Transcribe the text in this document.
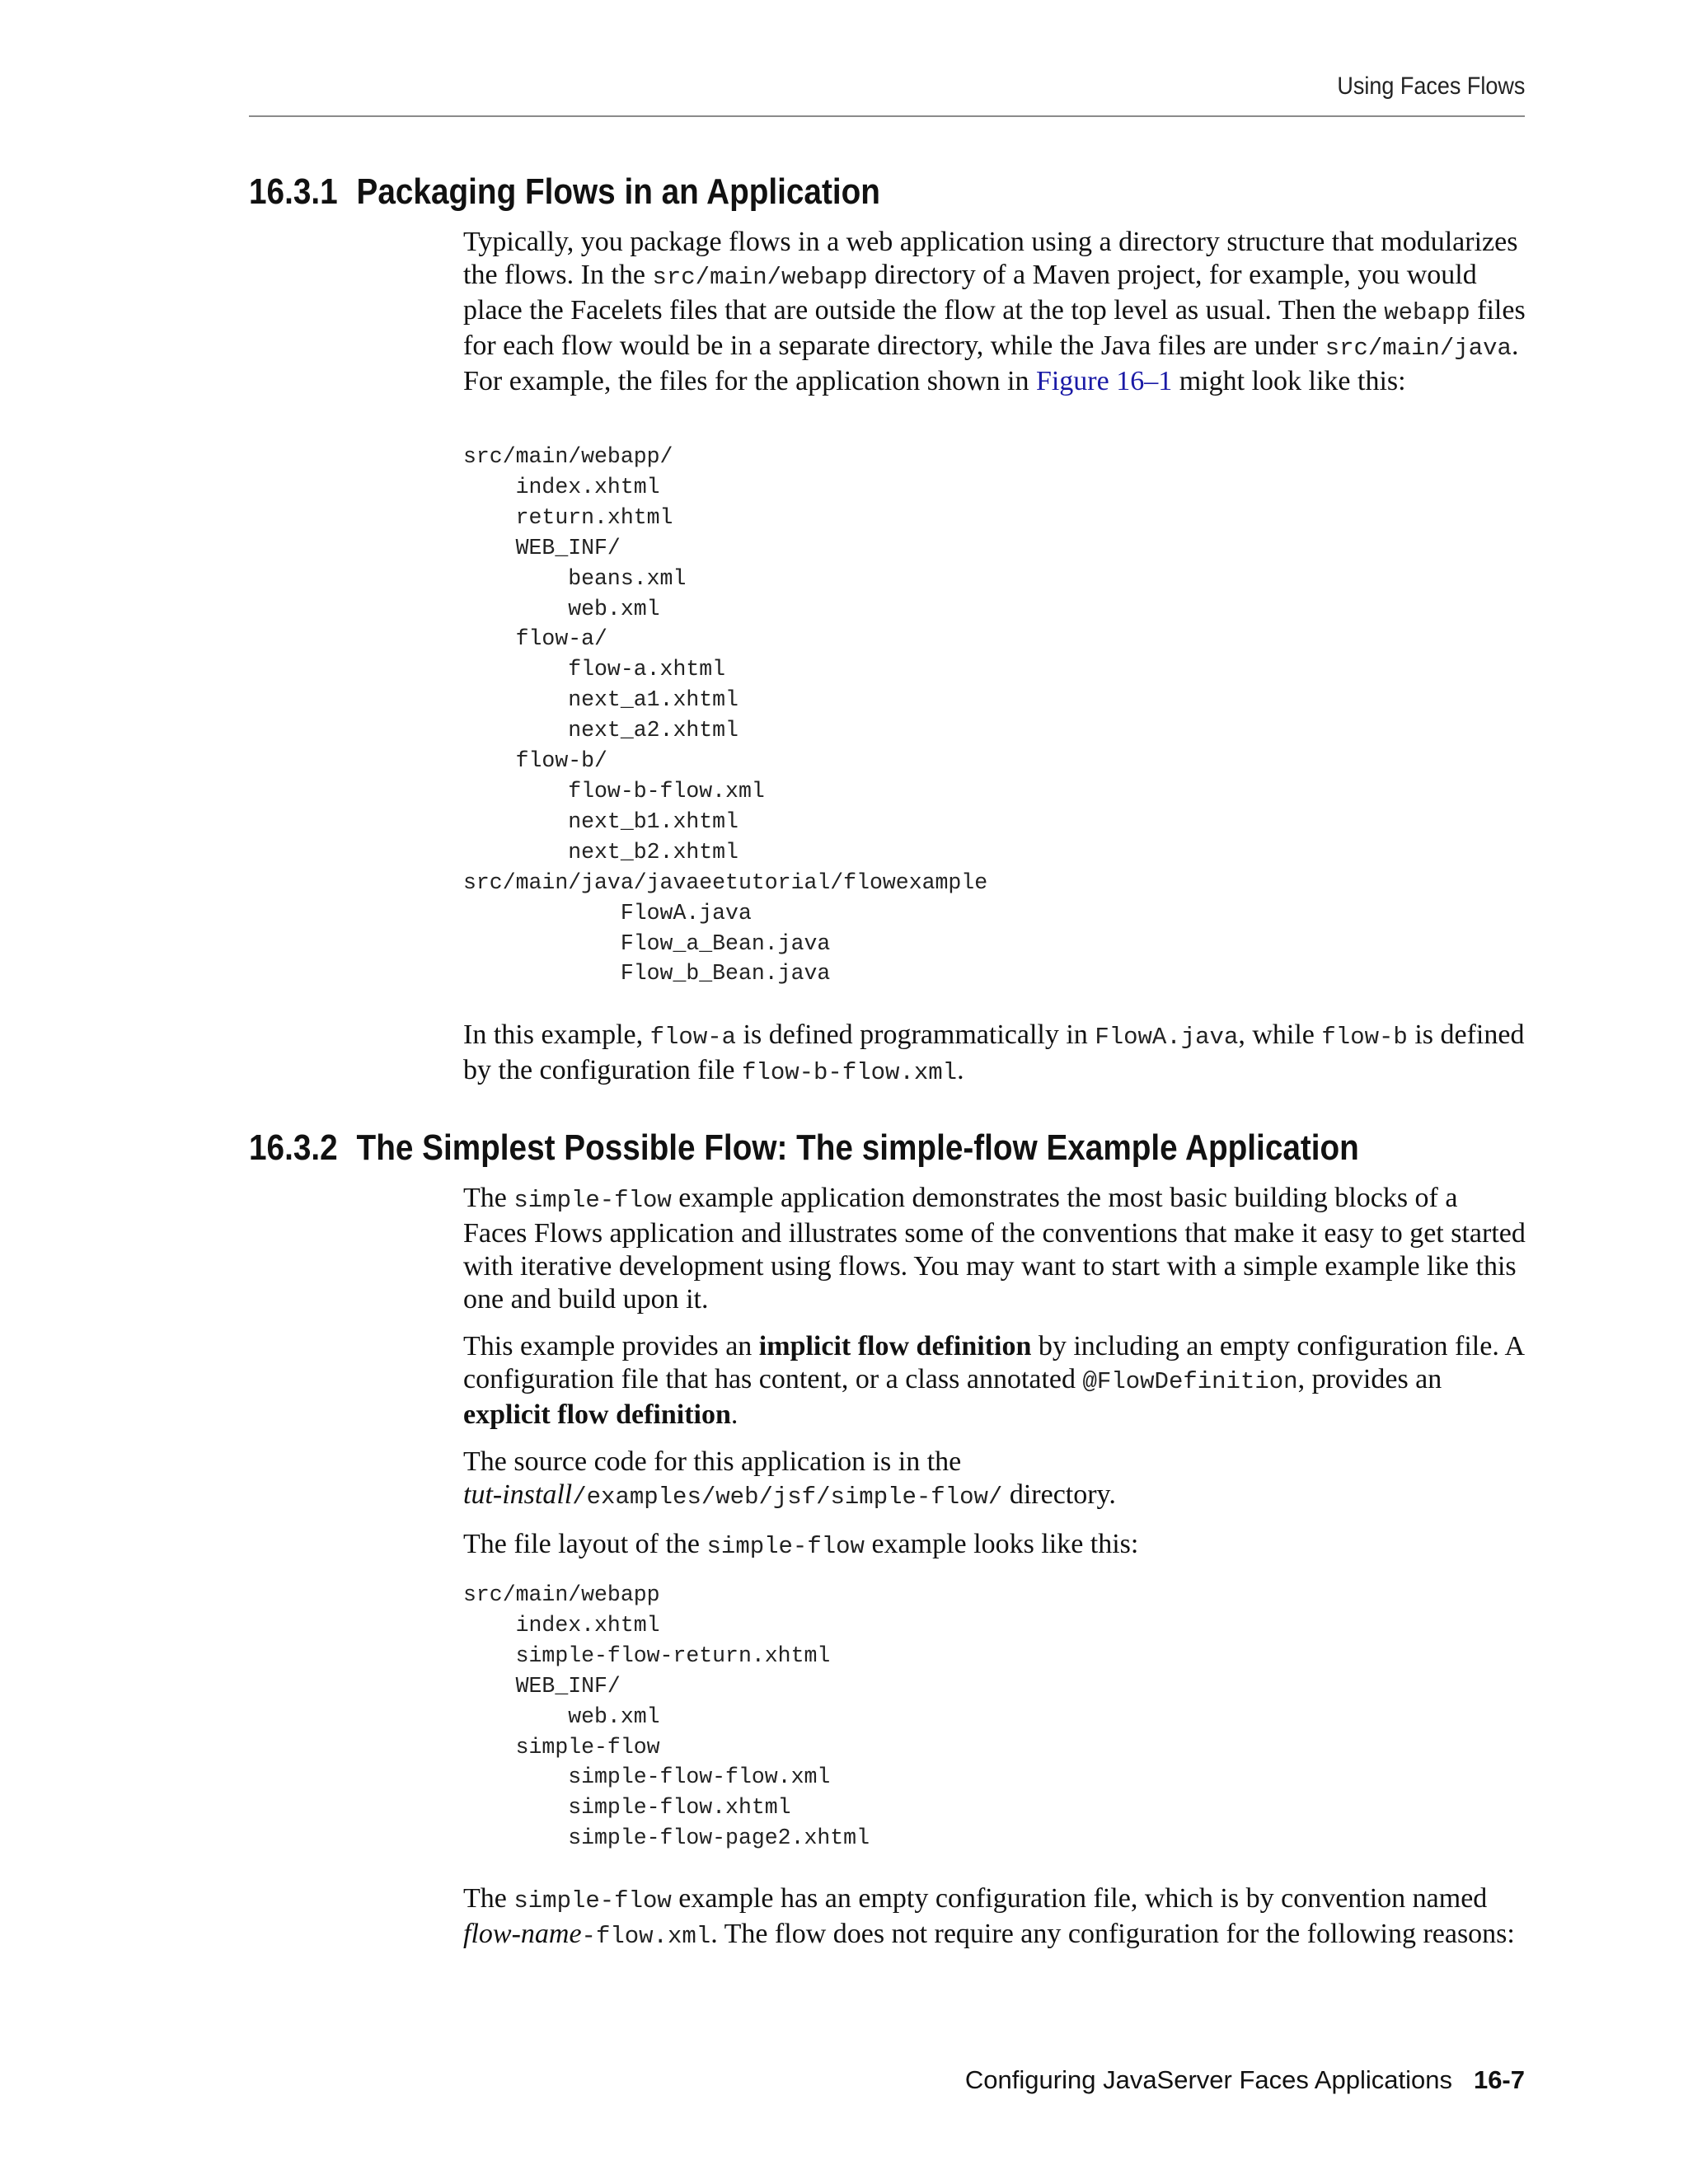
Using Faces Flows
16.3.1 Packaging Flows in an Application

Typically, you package flows in a web application using a directory structure that modularizes the flows. In the src/main/webapp directory of a Maven project, for example, you would place the Facelets files that are outside the flow at the top level as usual. Then the webapp files for each flow would be in a separate directory, while the Java files are under src/main/java. For example, the files for the application shown in Figure 16–1 might look like this:

src/main/webapp/
index.xhtml
return.xhtml
WEB_INF/
beans.xml
web.xml
flow-a/
flow-a.xhtml
next_a1.xhtml
next_a2.xhtml
flow-b/
flow-b-flow.xml
next_b1.xhtml
next_b2.xhtml
src/main/java/javaeetutorial/flowexample
FlowA.java
Flow_a_Bean.java
Flow_b_Bean.java

In this example, flow-a is defined programmatically in FlowA.java, while flow-b is defined by the configuration file flow-b-flow.xml.

16.3.2 The Simplest Possible Flow: The simple-flow Example Application

The simple-flow example application demonstrates the most basic building blocks of a Faces Flows application and illustrates some of the conventions that make it easy to get started with iterative development using flows. You may want to start with a simple example like this one and build upon it.

This example provides an implicit flow definition by including an empty configuration file. A configuration file that has content, or a class annotated @FlowDefinition, provides an explicit flow definition.

The source code for this application is in the
tut-install/examples/web/jsf/simple-flow/ directory.

The file layout of the simple-flow example looks like this:

src/main/webapp
index.xhtml
simple-flow-return.xhtml
WEB_INF/
web.xml
simple-flow
simple-flow-flow.xml
simple-flow.xhtml
simple-flow-page2.xhtml

The simple-flow example has an empty configuration file, which is by convention named flow-name-flow.xml. The flow does not require any configuration for the following reasons:

Configuring JavaServer Faces Applications 16-7
